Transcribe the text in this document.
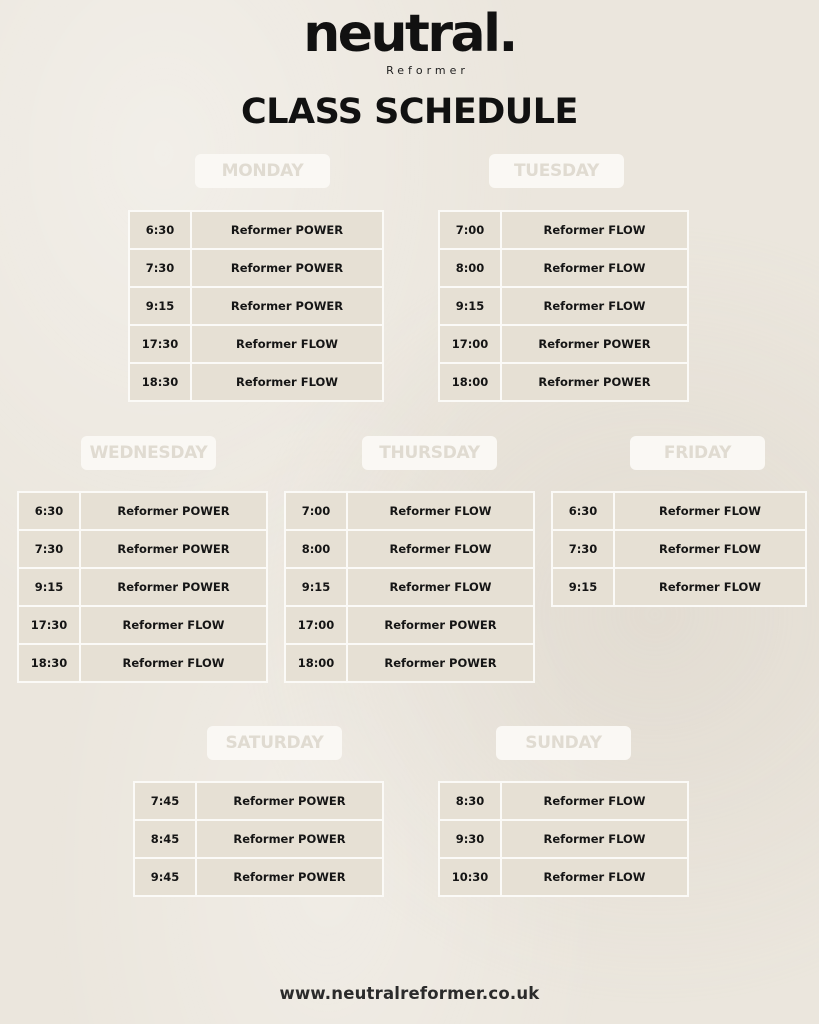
neutral.
Reformer
CLASS SCHEDULE
MONDAY
6:30	Reformer POWER
7:30	Reformer POWER
9:15	Reformer POWER
17:30	Reformer FLOW
18:30	Reformer FLOW
TUESDAY
7:00	Reformer FLOW
8:00	Reformer FLOW
9:15	Reformer FLOW
17:00	Reformer POWER
18:00	Reformer POWER
WEDNESDAY
6:30	Reformer POWER
7:30	Reformer POWER
9:15	Reformer POWER
17:30	Reformer FLOW
18:30	Reformer FLOW
THURSDAY
7:00	Reformer FLOW
8:00	Reformer FLOW
9:15	Reformer FLOW
17:00	Reformer POWER
18:00	Reformer POWER
FRIDAY
6:30	Reformer FLOW
7:30	Reformer FLOW
9:15	Reformer FLOW
SATURDAY
7:45	Reformer POWER
8:45	Reformer POWER
9:45	Reformer POWER
SUNDAY
8:30	Reformer FLOW
9:30	Reformer FLOW
10:30	Reformer FLOW
www.neutralreformer.co.uk
